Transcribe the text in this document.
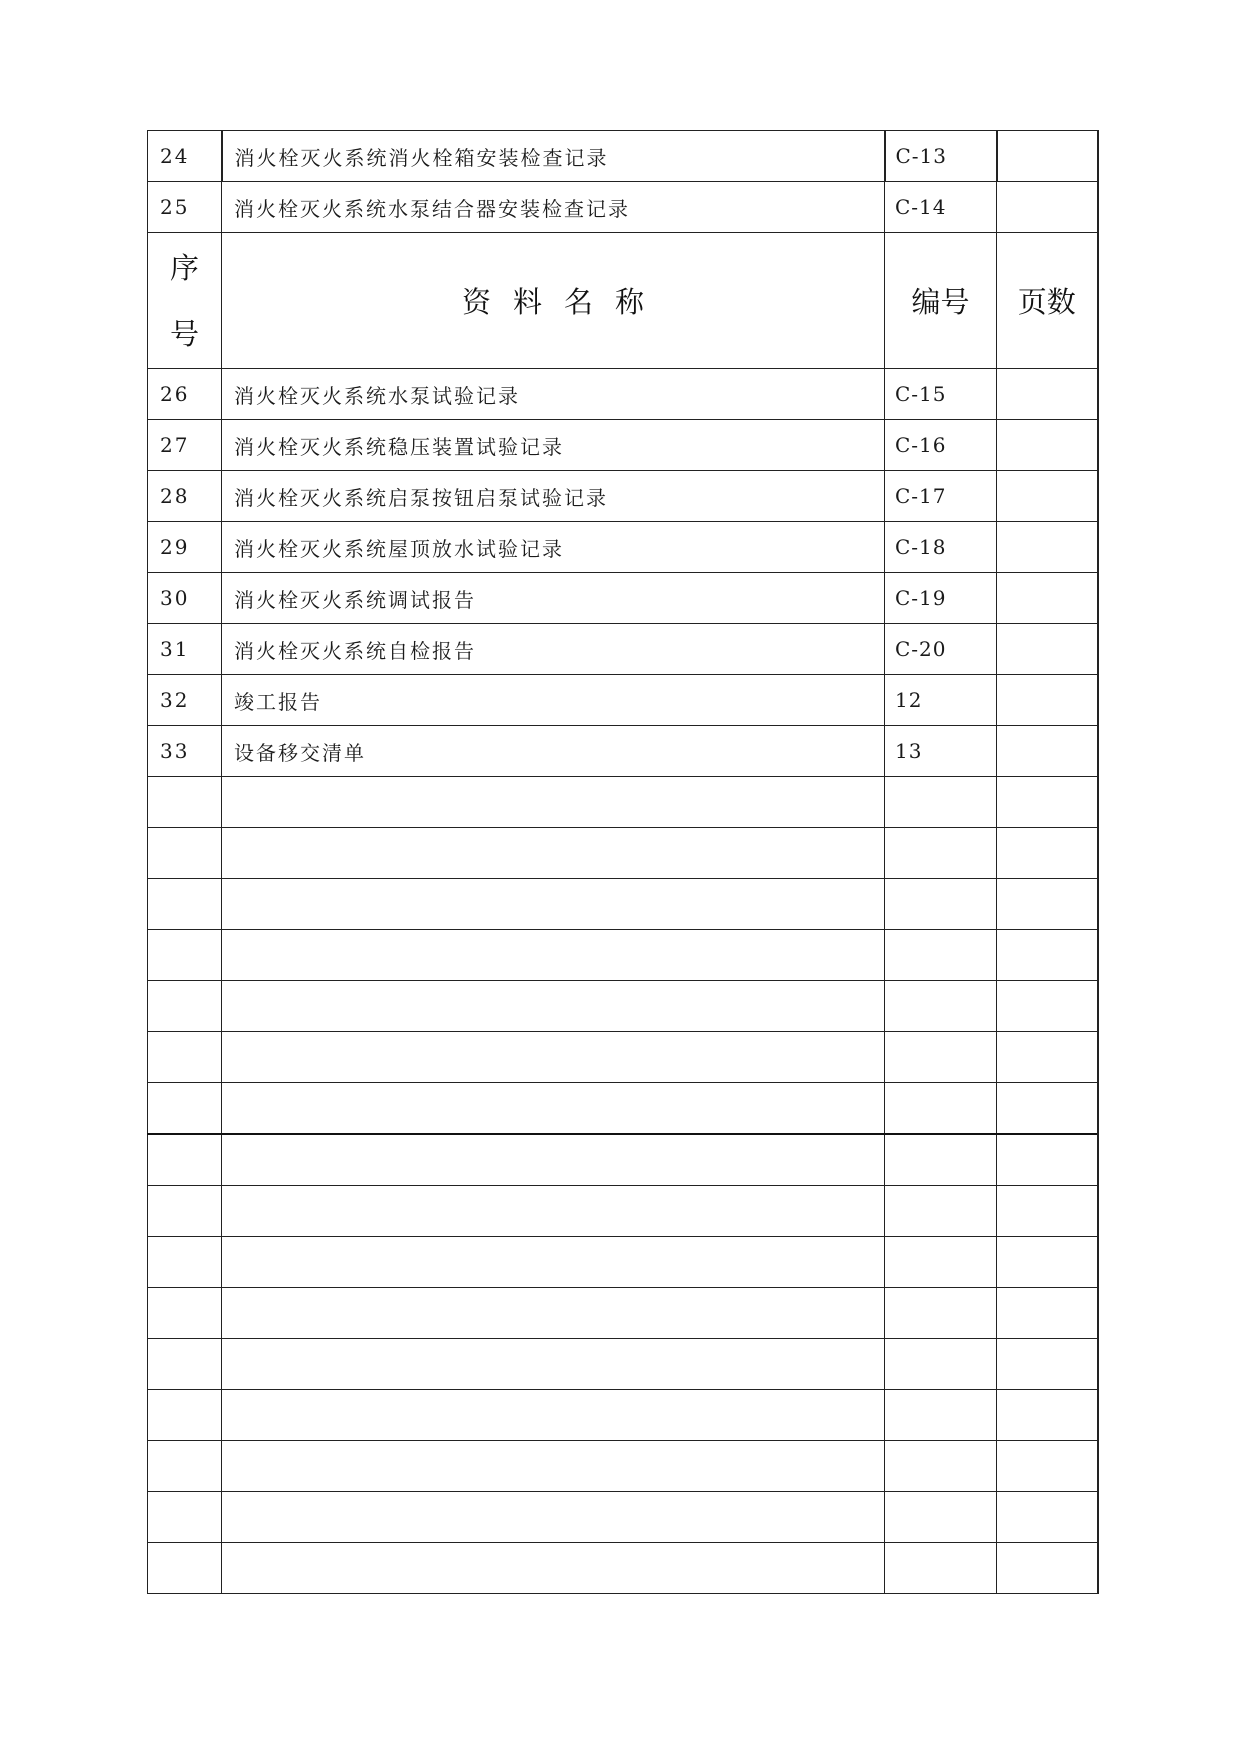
24	消火栓灭火系统消火栓箱安装检查记录	C-13	
25	消火栓灭火系统水泵结合器安装检查记录	C-14	
序号	资料名称	编号	页数
26	消火栓灭火系统水泵试验记录	C-15	
27	消火栓灭火系统稳压装置试验记录	C-16	
28	消火栓灭火系统启泵按钮启泵试验记录	C-17	
29	消火栓灭火系统屋顶放水试验记录	C-18	
30	消火栓灭火系统调试报告	C-19	
31	消火栓灭火系统自检报告	C-20	
32	竣工报告	12	
33	设备移交清单	13	
